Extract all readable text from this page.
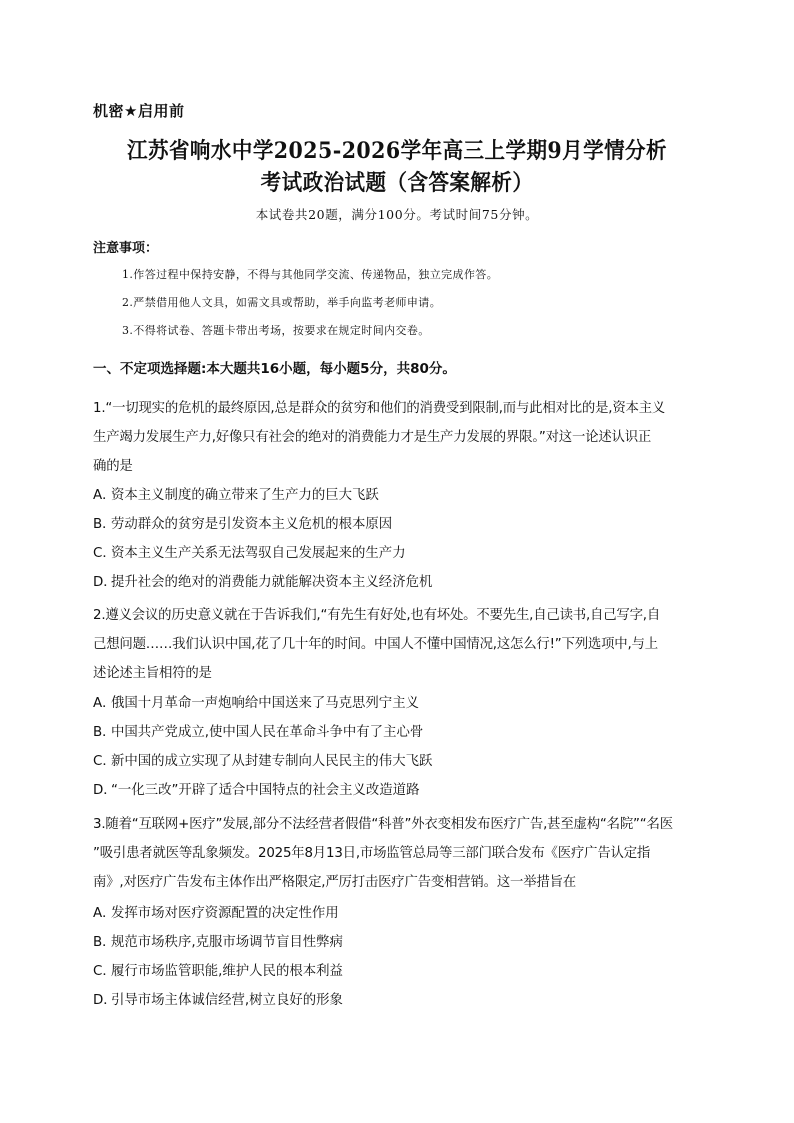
机密★启用前
江苏省响水中学2025-2026学年高三上学期9月学情分析
考试政治试题（含答案解析）
本试卷共20题，满分100分。考试时间75分钟。
注意事项：
1.作答过程中保持安静，不得与其他同学交流、传递物品，独立完成作答。
2.严禁借用他人文具，如需文具或帮助，举手向监考老师申请。
3.不得将试卷、答题卡带出考场，按要求在规定时间内交卷。
一、不定项选择题:本大题共16小题，每小题5分，共80分。
1.“一切现实的危机的最终原因,总是群众的贫穷和他们的消费受到限制,而与此相对比的是,资本主义
生产竭力发展生产力,好像只有社会的绝对的消费能力才是生产力发展的界限。”对这一论述认识正
确的是
A．资本主义制度的确立带来了生产力的巨大飞跃
B．劳动群众的贫穷是引发资本主义危机的根本原因
C．资本主义生产关系无法驾驭自己发展起来的生产力
D．提升社会的绝对的消费能力就能解决资本主义经济危机
2.遵义会议的历史意义就在于告诉我们,“有先生有好处,也有坏处。不要先生,自己读书,自己写字,自
己想问题……我们认识中国,花了几十年的时间。中国人不懂中国情况,这怎么行!”下列选项中,与上
述论述主旨相符的是
A．俄国十月革命一声炮响给中国送来了马克思列宁主义
B．中国共产党成立,使中国人民在革命斗争中有了主心骨
C．新中国的成立实现了从封建专制向人民民主的伟大飞跃
D．“一化三改”开辟了适合中国特点的社会主义改造道路
3.随着“互联网+医疗”发展,部分不法经营者假借“科普”外衣变相发布医疗广告,甚至虚构“名院”“名医
”吸引患者就医等乱象频发。2025年8月13日,市场监管总局等三部门联合发布《医疗广告认定指
南》,对医疗广告发布主体作出严格限定,严厉打击医疗广告变相营销。这一举措旨在
A．发挥市场对医疗资源配置的决定性作用
B．规范市场秩序,克服市场调节盲目性弊病
C．履行市场监管职能,维护人民的根本利益
D．引导市场主体诚信经营,树立良好的形象
